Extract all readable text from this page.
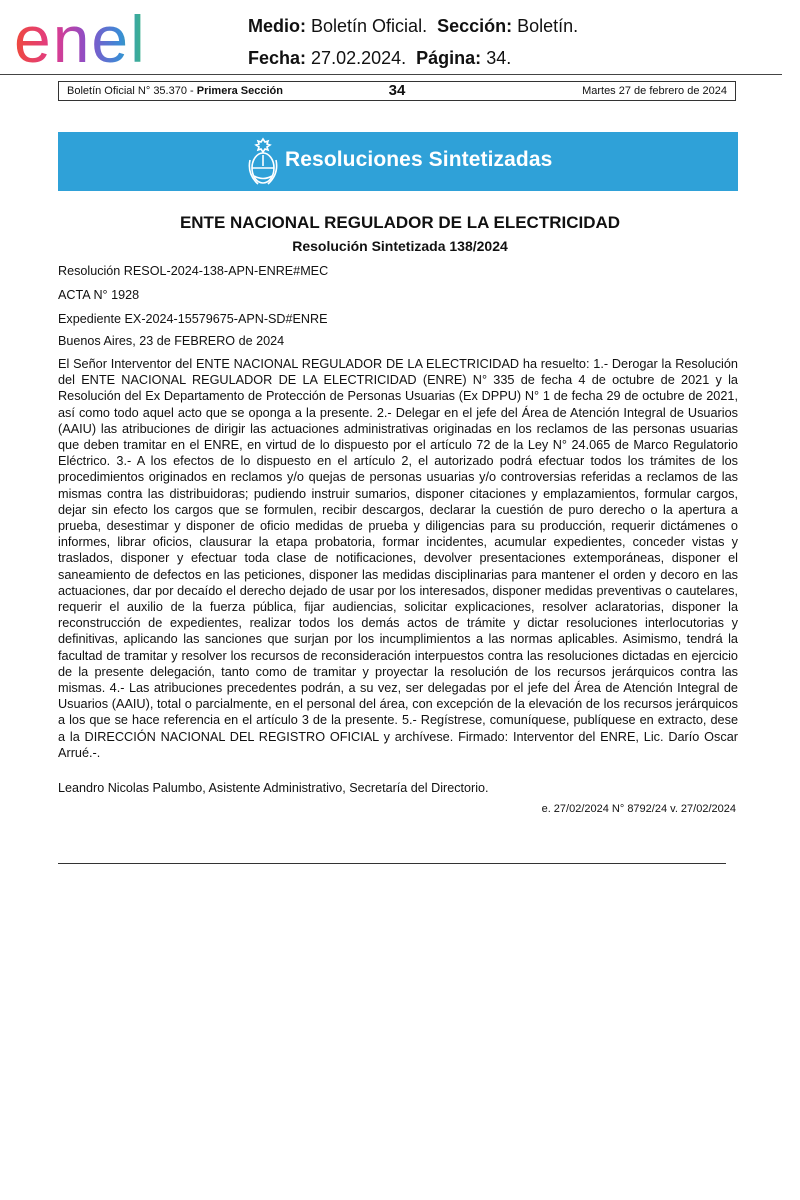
enel	Medio: Boletín Oficial. Sección: Boletín.
Fecha: 27.02.2024. Página: 34.
Boletín Oficial N° 35.370 - Primera Sección	34	Martes 27 de febrero de 2024
Resoluciones Sintetizadas
ENTE NACIONAL REGULADOR DE LA ELECTRICIDAD
Resolución Sintetizada 138/2024
Resolución RESOL-2024-138-APN-ENRE#MEC
ACTA N° 1928
Expediente EX-2024-15579675-APN-SD#ENRE
Buenos Aires, 23 de FEBRERO de 2024

El Señor Interventor del ENTE NACIONAL REGULADOR DE LA ELECTRICIDAD ha resuelto: 1.- Derogar la Resolución del ENTE NACIONAL REGULADOR DE LA ELECTRICIDAD (ENRE) N° 335 de fecha 4 de octubre de 2021 y la Resolución del Ex Departamento de Protección de Personas Usuarias (Ex DPPU) N° 1 de fecha 29 de octubre de 2021, así como todo aquel acto que se oponga a la presente. 2.- Delegar en el jefe del Área de Atención Integral de Usuarios (AAIU) las atribuciones de dirigir las actuaciones administrativas originadas en los reclamos de las personas usuarias que deben tramitar en el ENRE, en virtud de lo dispuesto por el artículo 72 de la Ley N° 24.065 de Marco Regulatorio Eléctrico. 3.- A los efectos de lo dispuesto en el artículo 2, el autorizado podrá efectuar todos los trámites de los procedimientos originados en reclamos y/o quejas de personas usuarias y/o controversias referidas a reclamos de las mismas contra las distribuidoras; pudiendo instruir sumarios, disponer citaciones y emplazamientos, formular cargos, dejar sin efecto los cargos que se formulen, recibir descargos, declarar la cuestión de puro derecho o la apertura a prueba, desestimar y disponer de oficio medidas de prueba y diligencias para su producción, requerir dictámenes o informes, librar oficios, clausurar la etapa probatoria, formar incidentes, acumular expedientes, conceder vistas y traslados, disponer y efectuar toda clase de notificaciones, devolver presentaciones extemporáneas, disponer el saneamiento de defectos en las peticiones, disponer las medidas disciplinarias para mantener el orden y decoro en las actuaciones, dar por decaído el derecho dejado de usar por los interesados, disponer medidas preventivas o cautelares, requerir el auxilio de la fuerza pública, fijar audiencias, solicitar explicaciones, resolver aclaratorias, disponer la reconstrucción de expedientes, realizar todos los demás actos de trámite y dictar resoluciones interlocutorias y definitivas, aplicando las sanciones que surjan por los incumplimientos a las normas aplicables. Asimismo, tendrá la facultad de tramitar y resolver los recursos de reconsideración interpuestos contra las resoluciones dictadas en ejercicio de la presente delegación, tanto como de tramitar y proyectar la resolución de los recursos jerárquicos contra las mismas. 4.- Las atribuciones precedentes podrán, a su vez, ser delegadas por el jefe del Área de Atención Integral de Usuarios (AAIU), total o parcialmente, en el personal del área, con excepción de la elevación de los recursos jerárquicos a los que se hace referencia en el artículo 3 de la presente. 5.- Regístrese, comuníquese, publíquese en extracto, dese a la DIRECCIÓN NACIONAL DEL REGISTRO OFICIAL y archívese. Firmado: Interventor del ENRE, Lic. Darío Oscar Arrué.-.

Leandro Nicolas Palumbo, Asistente Administrativo, Secretaría del Directorio.
e. 27/02/2024 N° 8792/24 v. 27/02/2024
